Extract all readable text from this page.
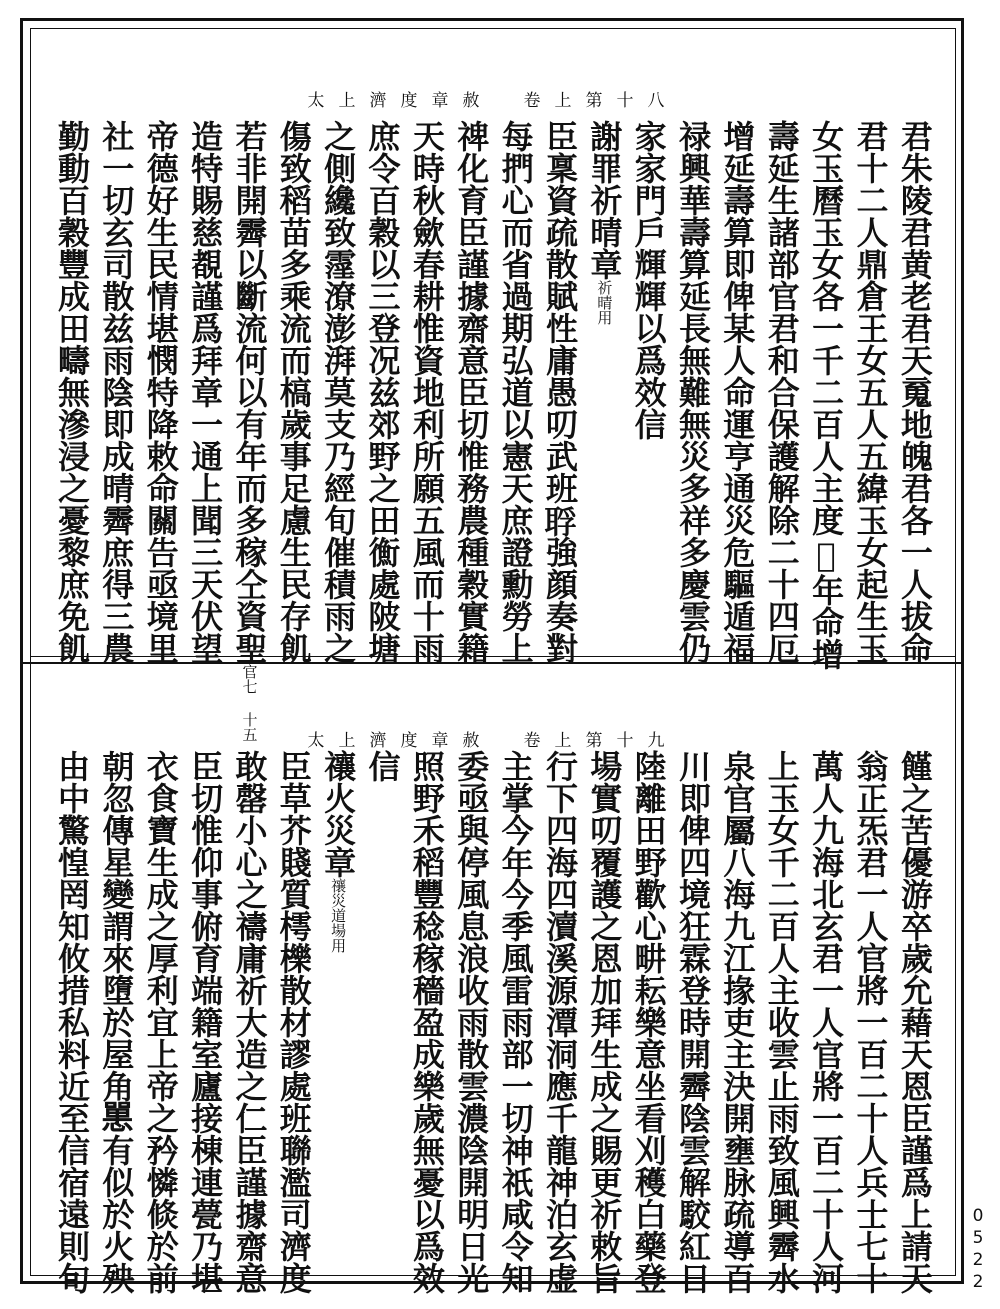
太上濟度章赦 卷上第十八
君朱陵君黄老君天䰟地魄君各一人拔命
君十二人鼎倉王女五人五緯玉女起生玉
女玉曆玉女各一千二百人主度𢛯年命增
壽延生諸部官君和合保護解除二十四厄
增延壽算即俾某人命運亨通災危驅遁福
禄興華壽算延長無難無災多祥多慶雲仍
家家門戶輝輝以爲效信
謝罪祈晴章祈晴用
臣稟資疏散賦性庸愚叨武班𦖀強顔奏對
每捫心而省過期弘道以憲天庶證勳勞上
禆化育臣謹據齋意臣切惟務農種穀實籍
天時秋歛春耕惟資地利所願五風而十雨
庶令百穀以三登况兹郊野之田𢖍處陂塘
之側纔致霪潦澎湃莫支乃經旬催積雨之
傷致稻苗多乘流而槁歲事足慮生民存飢
若非開霽以斷流何以有年而多稼仝資聖官七 十五
造特賜慈覩謹爲拜章一通上聞三天伏望
帝德好生民情堪憫特降敕命關告亟境里
社一切玄司散兹雨陰即成晴霽庶得三農
勤動百穀豐成田疇無滲浸之憂黎庶免飢
太上濟度章赦 卷上第十九
饉之苦優游卒歲允藉天恩臣謹爲上請天
翁正炁君一人官將一百二十人兵士七十
萬人九海北玄君一人官將一百二十人河
上玉女千二百人主收雲止雨致風興霽水
泉官屬八海九江掾吏主決開壅脉疏導百
川即俾四境狂霖登時開霽陰雲解駮紅日
陸離田野歡心畊耘樂意坐看刈穫白藥登
場實叨覆護之恩加拜生成之賜更祈敕旨
行下四海四瀆溪源潭洞應千龍神泊玄虚
主掌今年今季風雷雨部一切神祇咸令知
委亟與停風息浪收雨散雲濃陰開明日光
照野禾稻豐稔稼穡盈成樂歲無憂以爲效
信
禳火災章禳災道場用
臣草芥賤質樗櫟散材謬處班聯濫司濟度
敢罄小心之禱庸祈大造之仁臣謹據齋意
臣切惟仰事俯育端籍室廬接棟連甍乃堪
衣食寶生成之厚利宜上帝之矜憐倐於前
朝忽傳星變謂來墮於屋角𢠸有似於火殃
由中驚惶罔知攸措私料近至信宿遠則旬	0522
